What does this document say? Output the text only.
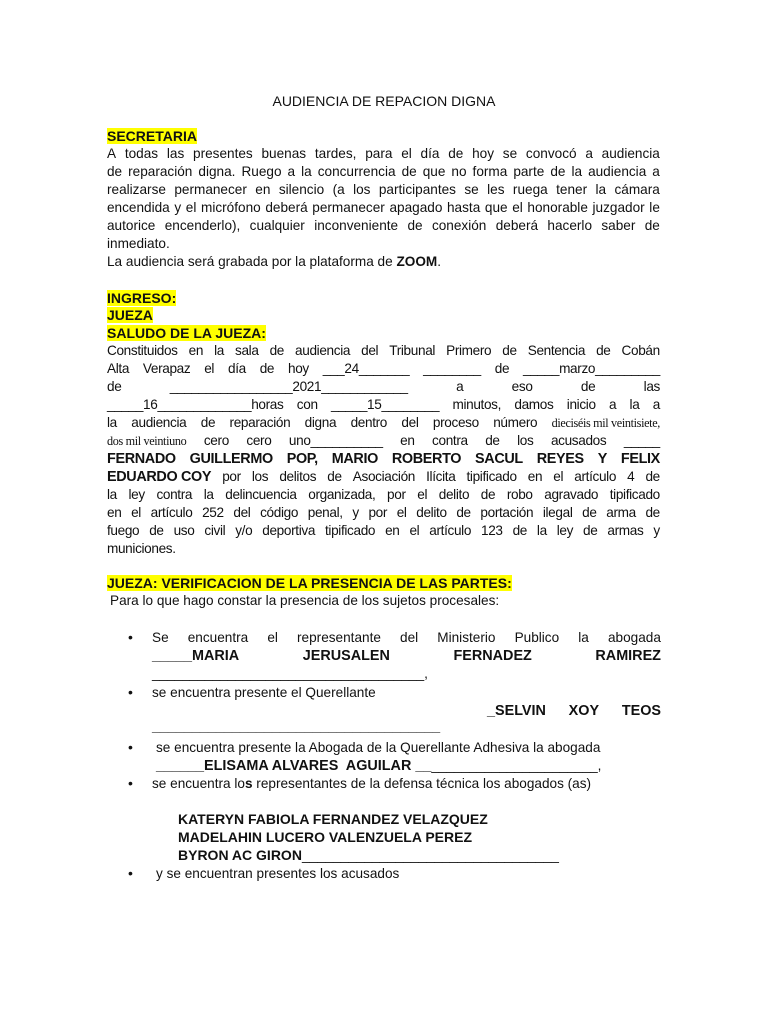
AUDIENCIA DE REPACION DIGNA
SECRETARIA
A todas las presentes buenas tardes, para el día de hoy se convocó a audiencia
de reparación digna. Ruego a la concurrencia de que no forma parte de la audiencia a
realizarse permanecer en silencio (a los participantes se les ruega tener la cámara
encendida y el micrófono deberá permanecer apagado hasta que el honorable juzgador le
autorice encenderlo), cualquier inconveniente de conexión deberá hacerlo saber de
inmediato.
La audiencia será grabada por la plataforma de ZOOM .
INGRESO:
JUEZA
SALUDO DE LA JUEZA:
Constituidos en la sala de audiencia del Tribunal Primero de Sentencia de Cobán
Alta Verapaz el día de hoy ___24_______ ________ de _____marzo_________
de	_________________2021____________	a	eso	de	las
_____16_____________horas con _____15________ minutos, damos inicio a la a
la audiencia de reparación digna dentro del proceso número dieciséis mil veintisiete,
dos mil veintiuno cero cero uno__________ en contra de los acusados _____
FERNADO GUILLERMO POP, MARIO ROBERTO SACUL REYES Y FELIX
EDUARDO COY por los delitos de Asociación Ilícita tipificado en el artículo 4 de
la ley contra la delincuencia organizada, por el delito de robo agravado tipificado
en el artículo 252 del código penal, y por el delito de portación ilegal de arma de
fuego de uso civil y/o deportiva tipificado en el artículo 123 de la ley de armas y
municiones.
JUEZA: VERIFICACION DE LA PRESENCIA DE LAS PARTES:
Para lo que hago constar la presencia de los sujetos procesales:
• Se encuentra el representante del Ministerio Publico la abogada
_____MARIA	JERUSALEN	FERNADEZ	RAMIREZ
____________________________________,
• se encuentra presente el Querellante
_SELVIN XOY TEOS
____________________________________
• se encuentra presente la Abogada de la Querellante Adhesiva la abogada
______ELISAMA ALVARES  AGUILAR __ ______________________,
• se encuentra lo s representantes de la defensa técnica los abogados (as)
KATERYN FABIOLA FERNANDEZ VELAZQUEZ
MADELAHIN LUCERO VALENZUELA PEREZ
BYRON AC GIRON_________________________________
• y se encuentran presentes los acusados
